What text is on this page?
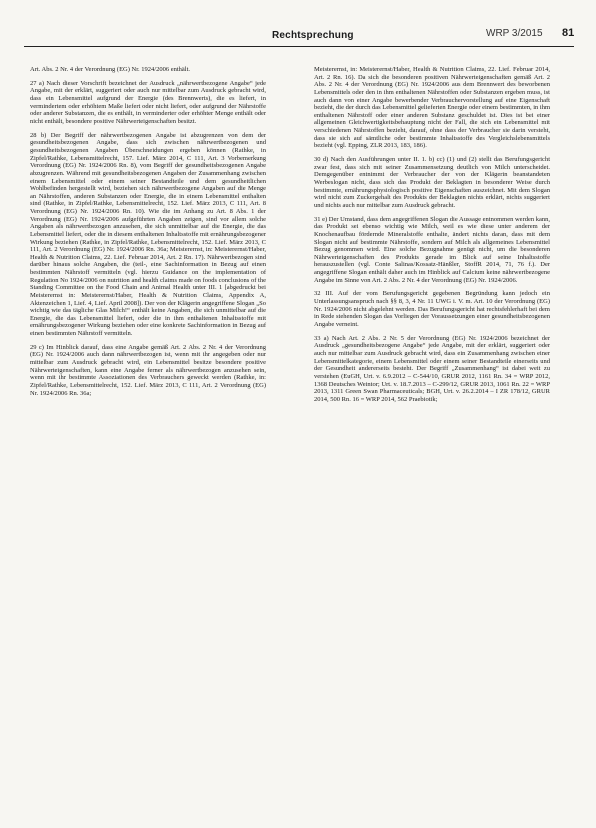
Rechtsprechung	WRP 3/2015 81

Art. Abs. 2 Nr. 4 der Verordnung (EG) Nr. 1924/2006 enthält.

27 a) Nach dieser Vorschrift bezeichnet der Ausdruck „nährwertbezogene Angabe“ jede Angabe, mit der erklärt, suggeriert oder auch nur mittelbar zum Ausdruck gebracht wird, dass ein Lebensmittel aufgrund der Energie (des Brennwerts), die es liefert, in vermindertem oder erhöhtem Maße liefert oder nicht liefert, oder aufgrund der Nährstoffe oder anderer Substanzen, die es enthält, in verminderter oder erhöhter Menge enthält oder nicht enthält, besondere positive Nährwerteigenschaften besitzt.

28 b) Der Begriff der nährwertbezogenen Angabe ist abzugrenzen von dem der gesundheitsbezogenen Angabe, dass sich zwischen nährwertbezogenen und gesundheitsbezogenen Angaben Überschneidungen ergeben können (Rathke, in Zipfel/Rathke, Lebensmittelrecht, 157. Lief. März 2014, C 111, Art. 3 Vorbemerkung Verordnung (EG) Nr. 1924/2006 Rn. 8), vom Begriff der gesundheitsbezogenen Angabe abzugrenzen. Während mit gesundheitsbezogenen Angaben der Zusammenhang zwischen einem Lebensmittel oder einem seiner Bestandteile und dem gesundheitlichen Wohlbefinden hergestellt wird, beziehen sich nährwertbezogene Angaben auf die Menge an Nährstoffen, anderen Substanzen oder Energie, die in einem Lebensmittel enthalten sind (Rathke, in Zipfel/Rathke, Lebensmittelrecht, 152. Lief. März 2013, C 111, Art. 8 Verordnung (EG) Nr. 1924/2006 Rn. 10). Wie die im Anhang zu Art. 8 Abs. 1 der Verordnung (EG) Nr. 1924/2006 aufgeführten Angaben zeigen, sind vor allem solche Angaben als nährwertbezogen anzusehen, die sich unmittelbar auf die Energie, die das Lebensmittel liefert, oder die in diesem enthaltenen Inhaltsstoffe mit ernährungsbezogener Wirkung beziehen (Rathke, in Zipfel/Rathke, Lebensmittelrecht, 152. Lief. März 2013, C 111, Art. 2 Verordnung (EG) Nr. 1924/2006 Rn. 36a; Meisterernst, in: Meisterernst/Haber, Health & Nutrition Claims, 22. Lief. Februar 2014, Art. 2 Rn. 17). Nährwertbezogen sind darüber hinaus solche Angaben, die (teil-, eine Sachinformation in Bezug auf einen bestimmten Nährstoff vermitteln (vgl. hierzu Guidance on the implementation of Regulation No 1924/2006 on nutrition and health claims made on foods conclusions of the Standing Committee on the Food Chain and Animal Health unter III. 1 [abgedruckt bei Meisterernst in: Meisterernst/Haber, Health & Nutrition Claims, Appendix A, Aktenzeichen 1, Lief. 4, Lief. April 2008]). Der von der Klägerin angegriffene Slogan „So wichtig wie das tägliche Glas Milch!“ enthält keine Angaben, die sich unmittelbar auf die Energie, die das Lebensmittel liefert, oder die in ihm enthaltenen Inhaltsstoffe mit ernährungsbezogener Wirkung beziehen oder eine konkrete Sachinformation in Bezug auf einen bestimmten Nährstoff vermitteln.

29 c) Im Hinblick darauf, dass eine Angabe gemäß Art. 2 Abs. 2 Nr. 4 der Verordnung (EG) Nr. 1924/2006 auch dann nährwertbezogen ist, wenn mit ihr angegeben oder nur mittelbar zum Ausdruck gebracht wird, ein Lebensmittel besitze besondere positive Nährwerteigenschaften, kann eine Angabe ferner als nährwertbezogen anzusehen sein, wenn mit ihr bestimmte Assoziationen des Verbrauchers geweckt werden (Rathke, in: Zipfel/Rathke, Lebensmittelrecht, 152. Lief. März 2013, C 111, Art. 2 Verordnung (EG) Nr. 1924/2006 Rn. 36a;

Meisterernst, in: Meisterernst/Haber, Health & Nutrition Claims, 22. Lief. Februar 2014, Art. 2 Rn. 16). Da sich die besonderen positiven Nährwerteigenschaften gemäß Art. 2 Abs. 2 Nr. 4 der Verordnung (EG) Nr. 1924/2006 aus dem Brennwert des beworbenen Lebensmittels oder den in ihm enthaltenen Nährstoffen oder Substanzen ergeben muss, ist auch dann von einer Angabe bewerbender Verbrauchervorstellung auf eine Eigenschaft bezieht, die der durch das Lebensmittel gelieferten Energie oder einem bestimmten, in ihm enthaltenen Nährstoff oder einer anderen Substanz geschuldet ist. Dies ist bei einer allgemeinen Gleichwertigkeitsbehauptung nicht der Fall, die sich ein Lebensmittel mit verschiedenen Nährstoffen bezieht, darauf, ohne dass der Verbraucher sie darin versteht, dass sie sich auf sämtliche oder bestimmte Inhaltsstoffe des Vergleichslebensmittels bezieht (vgl. Epping, ZLR 2013, 183, 186).

30 d) Nach den Ausführungen unter II. 1. b) cc) (1) und (2) stellt das Berufungsgericht zwar fest, dass sich mit seiner Zusammensetzung deutlich von Milch unterscheidet. Demgegenüber entnimmt der Verbraucher der von der Klägerin beanstandeten Werbeslogan nicht, dass sich das Produkt der Beklagten in besonderer Weise durch bestimmte, ernährungsphysiologisch positive Eigenschaften auszeichnet. Mit dem Slogan wird nicht zum Zuckergehalt des Produkts der Beklagten nichts erklärt, nichts suggeriert und nichts auch nur mittelbar zum Ausdruck gebracht.

31 e) Der Umstand, dass dem angegriffenen Slogan die Aussage entnommen werden kann, das Produkt sei ebenso wichtig wie Milch, weil es wie diese unter anderem der Knochenaufbau fördernde Mineralstoffe enthalte, ändert nichts daran, dass mit dem Slogan nicht auf bestimmte Nährstoffe, sondern auf Milch als allgemeines Lebensmittel Bezug genommen wird. Eine solche Bezugnahme genügt nicht, um die besonderen Nährwerteigenschaften des Produkts gerade im Blick auf seine Inhaltsstoffe herauszustellen (vgl. Conte Salinas/Kossatz-Hänßler, StoffR 2014, 71, 76 f.). Der angegriffene Slogan enthält daher auch im Hinblick auf Calcium keine nährwertbezogene Angabe im Sinne von Art. 2 Abs. 2 Nr. 4 der Verordnung (EG) Nr. 1924/2006.

32 III. Auf der vom Berufungsgericht gegebenen Begründung kann jedoch ein Unterlassungsanspruch nach §§ 8, 3, 4 Nr. 11 UWG i. V. m. Art. 10 der Verordnung (EG) Nr. 1924/2006 nicht abgelehnt werden. Das Berufungsgericht hat rechtsfehlerhaft bei dem in Rede stehenden Slogan das Vorliegen der Voraussetzungen einer gesundheitsbezogenen Angabe verneint.

33 a) Nach Art. 2 Abs. 2 Nr. 5 der Verordnung (EG) Nr. 1924/2006 bezeichnet der Ausdruck „gesundheitsbezogene Angabe“ jede Angabe, mit der erklärt, suggeriert oder auch nur mittelbar zum Ausdruck gebracht wird, dass ein Zusammenhang zwischen einer Lebensmittelkategorie, einem Lebensmittel oder einem seiner Bestandteile einerseits und der Gesundheit andererseits besteht. Der Begriff „Zusammenhang“ ist dabei weit zu verstehen (EuGH, Urt. v. 6.9.2012 – C-544/10, GRUR 2012, 1161 Rn. 34 = WRP 2012, 1368 Deutsches Weintor; Urt. v. 18.7.2013 – C-299/12, GRUR 2013, 1061 Rn. 22 = WRP 2013, 1311 Green Swan Pharmaceuticals; BGH, Urt. v. 26.2.2014 – I ZR 178/12, GRUR 2014, 500 Rn. 16 = WRP 2014, 562 Praebiotik;
